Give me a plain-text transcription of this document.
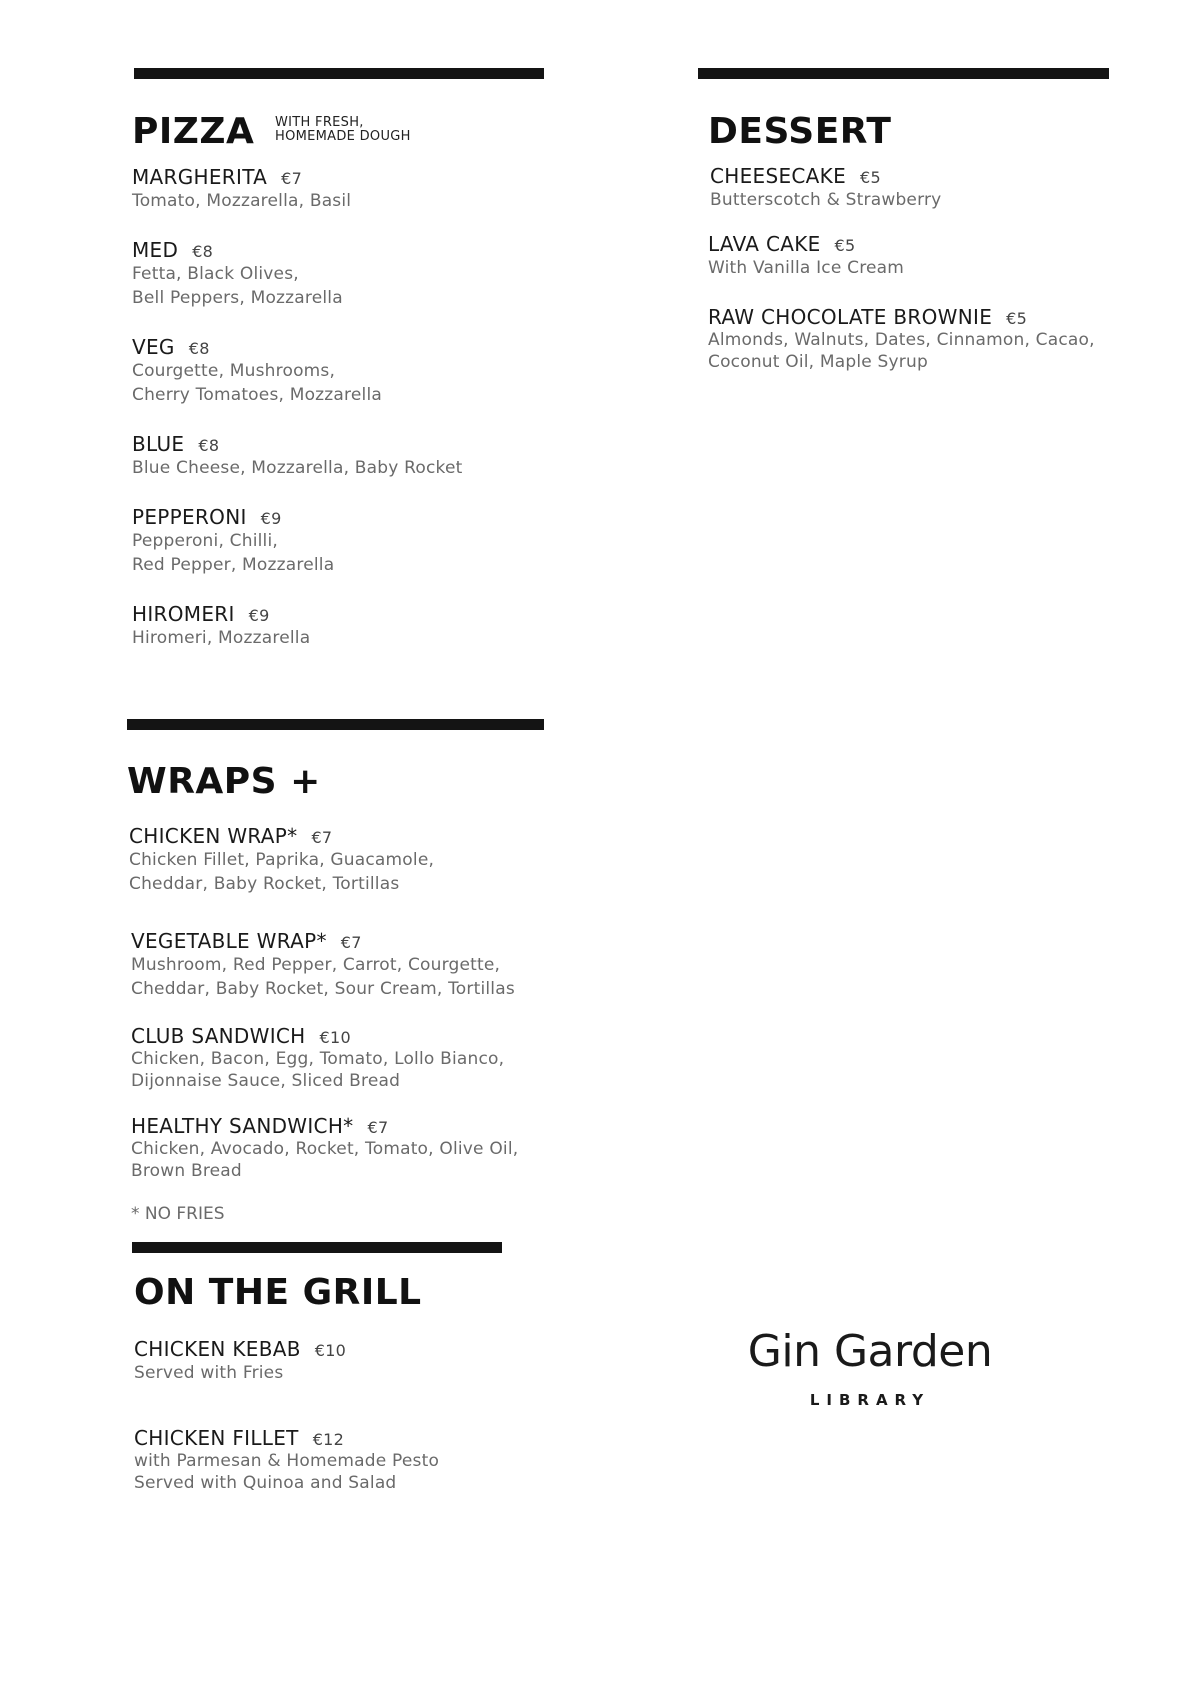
PIZZA WITH FRESH,
HOMEMADE DOUGH
MARGHERITA €7
Tomato, Mozzarella, Basil
MED €8
Fetta, Black Olives,
Bell Peppers, Mozzarella
VEG €8
Courgette, Mushrooms,
Cherry Tomatoes, Mozzarella
BLUE €8
Blue Cheese, Mozzarella, Baby Rocket
PEPPERONI €9
Pepperoni, Chilli,
Red Pepper, Mozzarella
HIROMERI €9
Hiromeri, Mozzarella
DESSERT
CHEESECAKE €5
Butterscotch & Strawberry
LAVA CAKE €5
With Vanilla Ice Cream
RAW CHOCOLATE BROWNIE €5
Almonds, Walnuts, Dates, Cinnamon, Cacao,
Coconut Oil, Maple Syrup
WRAPS +
CHICKEN WRAP* €7
Chicken Fillet, Paprika, Guacamole,
Cheddar, Baby Rocket, Tortillas
VEGETABLE WRAP* €7
Mushroom, Red Pepper, Carrot, Courgette,
Cheddar, Baby Rocket, Sour Cream, Tortillas
CLUB SANDWICH €10
Chicken, Bacon, Egg, Tomato, Lollo Bianco,
Dijonnaise Sauce, Sliced Bread
HEALTHY SANDWICH* €7
Chicken, Avocado, Rocket, Tomato, Olive Oil,
Brown Bread
* NO FRIES
ON THE GRILL
CHICKEN KEBAB €10
Served with Fries
CHICKEN FILLET €12
with Parmesan & Homemade Pesto
Served with Quinoa and Salad
Gin Garden
LIBRARY
